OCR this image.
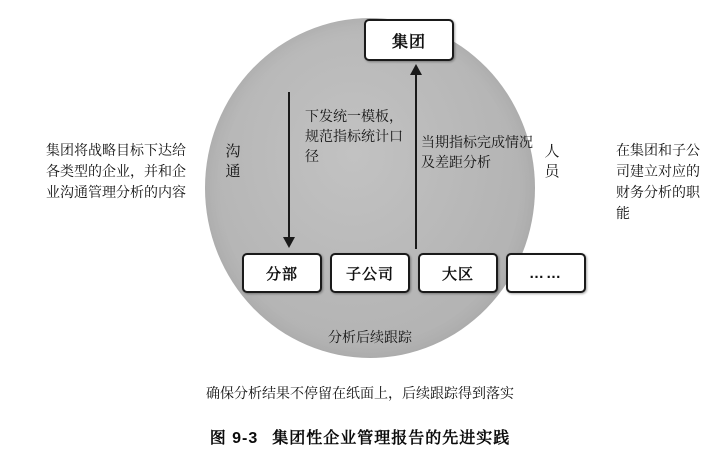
集团
下发统一模板，规范指标统计口径
当期指标完成情况及差距分析
沟通
人员
分部	子公司	大区	……
分析后续跟踪
集团将战略目标下达给各类型的企业，并和企业沟通管理分析的内容
在集团和子公司建立对应的财务分析的职能
确保分析结果不停留在纸面上，后续跟踪得到落实
图 9-3 集团性企业管理报告的先进实践
